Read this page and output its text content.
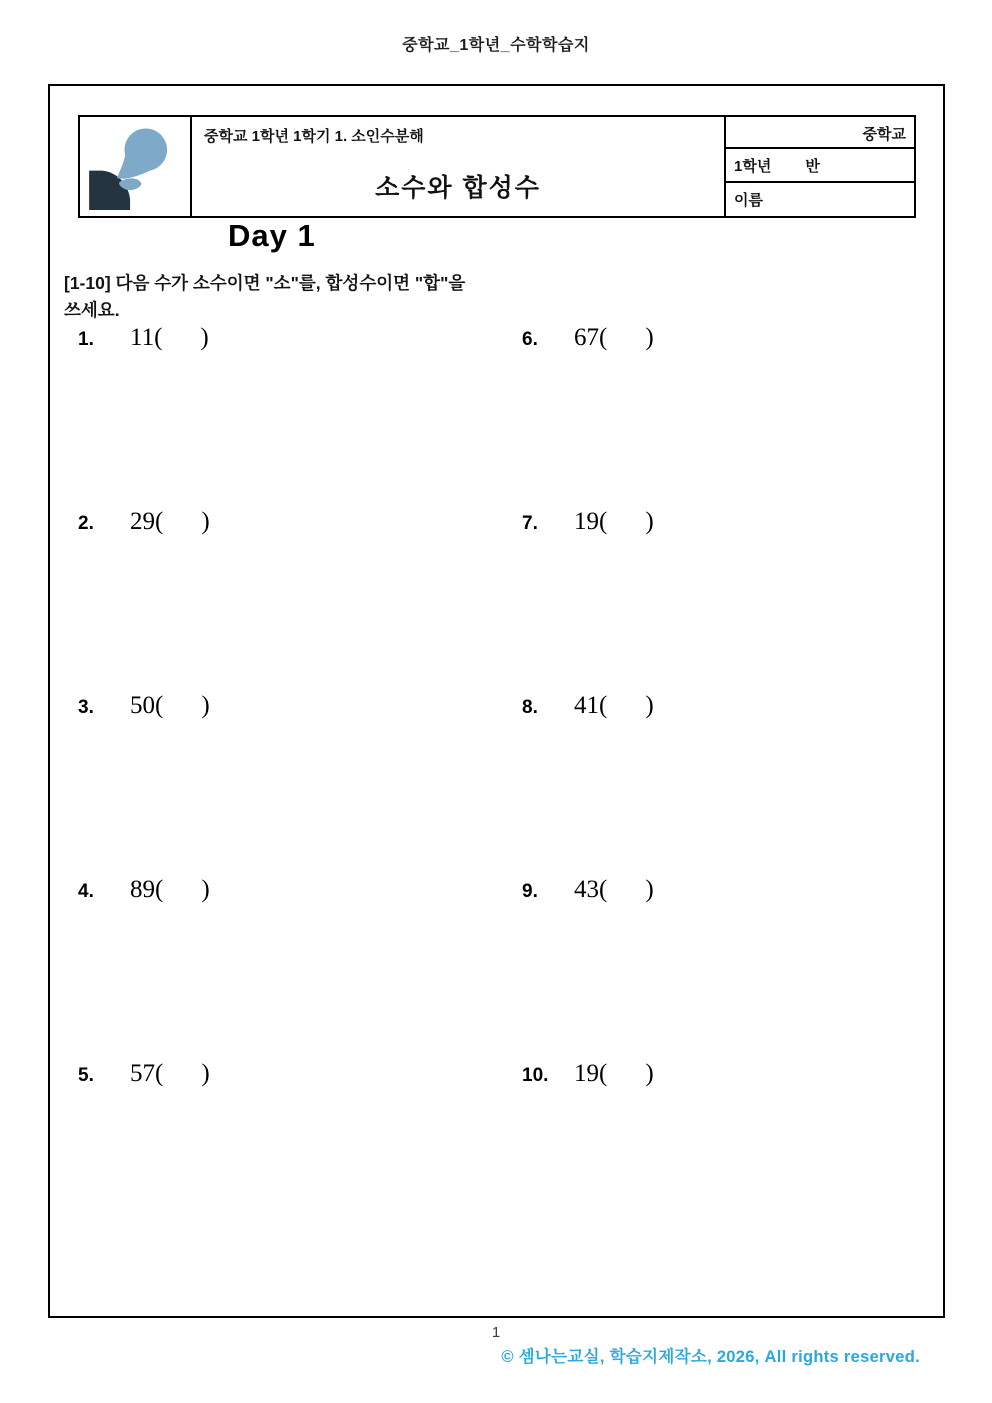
중학교_1학년_수학학습지
중학교 1학년 1학기 1. 소인수분해
소수와 합성수
중학교
1학년 반
이름
Day 1
[1-10] 다음 수가 소수이면 "소"를, 합성수이면 "합"을 쓰세요.
1.	11( )
2.	29( )
3.	50( )
4.	89( )
5.	57( )
6.	67( )
7.	19( )
8.	41( )
9.	43( )
10.	19( )
1
© 셈나는교실, 학습지제작소, 2026, All rights reserved.
